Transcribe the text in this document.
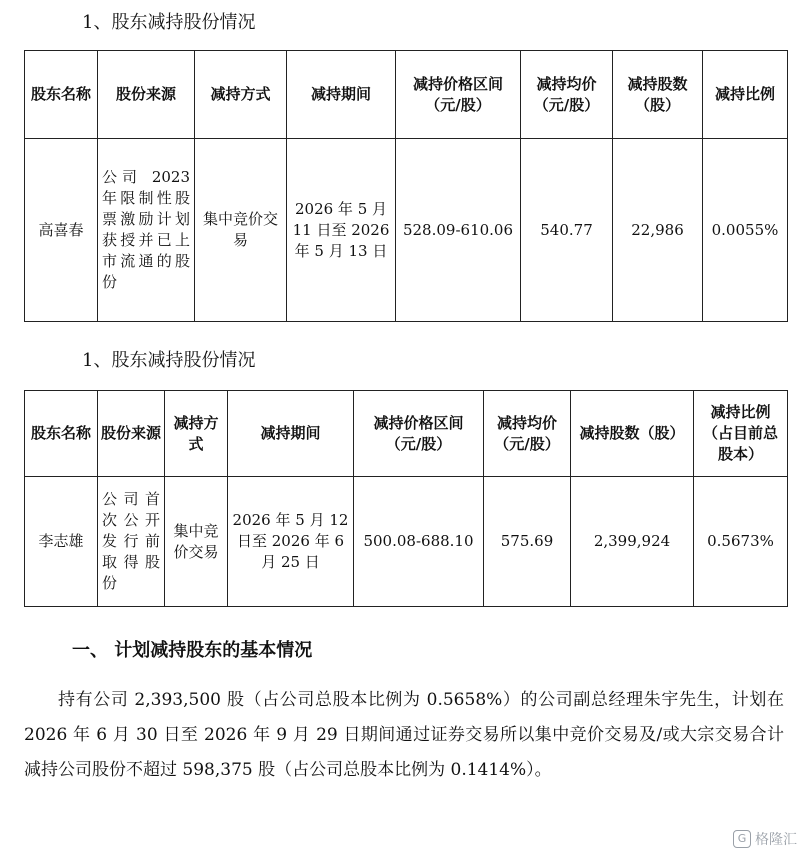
1、股东减持股份情况
股东名称	股份来源	减持方式	减持期间	减持价格区间（元/股）	减持均价（元/股）	减持股数（股）	减持比例
高喜春	公司 2023 年限制性股票激励计划获授并已上市流通的股份	集中竞价交易	2026 年 5 月 11 日至 2026 年 5 月 13 日	528.09-610.06	540.77	22,986	0.0055%
1、股东减持股份情况
股东名称	股份来源	减持方式	减持期间	减持价格区间（元/股）	减持均价（元/股）	减持股数（股）	减持比例（占目前总股本）
李志雄	公司首次公开发行前取得股份	集中竞价交易	2026 年 5 月 12 日至 2026 年 6 月 25 日	500.08-688.10	575.69	2,399,924	0.5673%
一、 计划减持股东的基本情况

持有公司 2,393,500 股（占公司总股本比例为 0.5658%）的公司副总经理朱宇先生，计划在 2026 年 6 月 30 日至 2026 年 9 月 29 日期间通过证券交易所以集中竞价交易及/或大宗交易合计减持公司股份不超过 598,375 股（占公司总股本比例为 0.1414%）。

G 格隆汇
